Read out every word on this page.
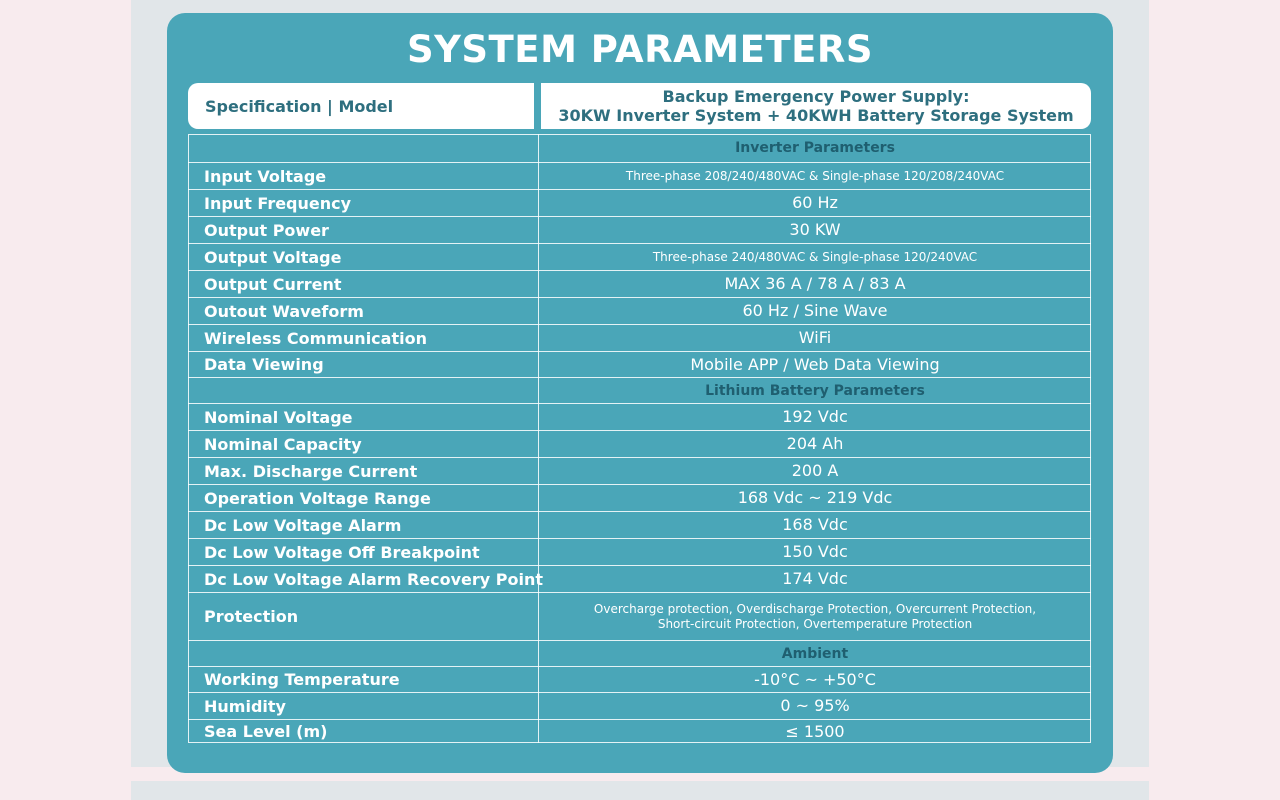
SYSTEM PARAMETERS
Specification | Model	Backup Emergency Power Supply:
30KW Inverter System + 40KWH Battery Storage System
Inverter Parameters
Input Voltage	Three-phase 208/240/480VAC & Single-phase 120/208/240VAC
Input Frequency	60 Hz
Output Power	30 KW
Output Voltage	Three-phase 240/480VAC & Single-phase 120/240VAC
Output Current	MAX 36 A / 78 A / 83 A
Outout Waveform	60 Hz / Sine Wave
Wireless Communication	WiFi
Data Viewing	Mobile APP / Web Data Viewing
Lithium Battery Parameters
Nominal Voltage	192 Vdc
Nominal Capacity	204 Ah
Max. Discharge Current	200 A
Operation Voltage Range	168 Vdc ~ 219 Vdc
Dc Low Voltage Alarm	168 Vdc
Dc Low Voltage Off Breakpoint	150 Vdc
Dc Low Voltage Alarm Recovery Point	174 Vdc
Protection	Overcharge protection, Overdischarge Protection, Overcurrent Protection,
Short-circuit Protection, Overtemperature Protection
Ambient
Working Temperature	-10°C ~ +50°C
Humidity	0 ~ 95%
Sea Level (m)	≤ 1500
